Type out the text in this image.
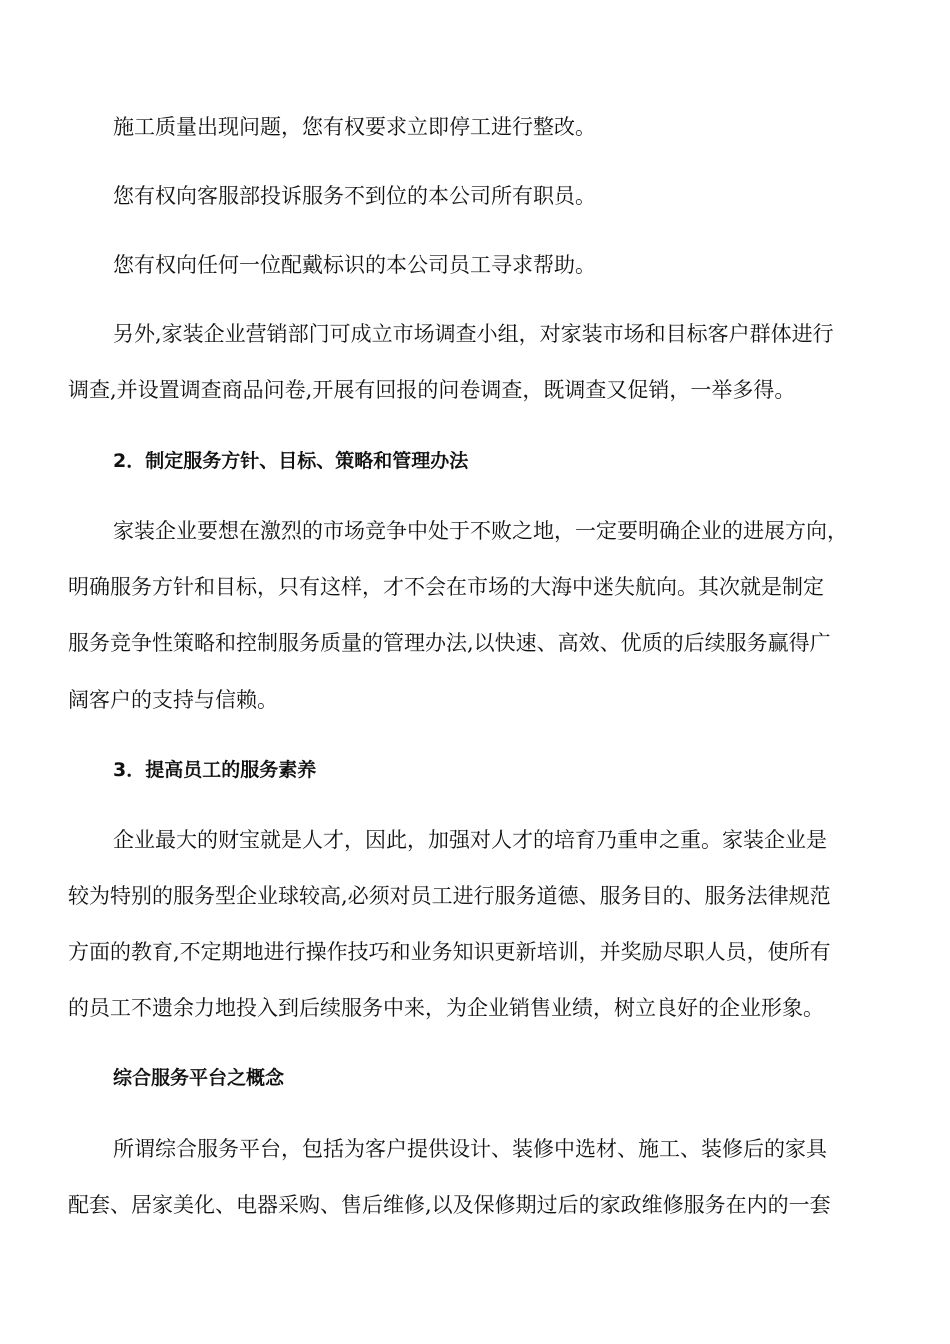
施工质量出现问题，您有权要求立即停工进行整改。

您有权向客服部投诉服务不到位的本公司所有职员。

您有权向任何一位配戴标识的本公司员工寻求帮助。

另外,家装企业营销部门可成立市场调查小组，对家装市场和目标客户群体进行

调查,并设置调查商品问卷,开展有回报的问卷调查，既调查又促销，一举多得。

2．制定服务方针、目标、策略和管理办法

家装企业要想在激烈的市场竞争中处于不败之地，一定要明确企业的进展方向，

明确服务方针和目标，只有这样，才不会在市场的大海中迷失航向。其次就是制定

服务竞争性策略和控制服务质量的管理办法,以快速、高效、优质的后续服务赢得广

阔客户的支持与信赖。

3．提高员工的服务素养

企业最大的财宝就是人才，因此，加强对人才的培育乃重申之重。家装企业是

较为特别的服务型企业球较高,必须对员工进行服务道德、服务目的、服务法律规范

方面的教育,不定期地进行操作技巧和业务知识更新培训，并奖励尽职人员，使所有

的员工不遗余力地投入到后续服务中来，为企业销售业绩，树立良好的企业形象。

综合服务平台之概念

所谓综合服务平台，包括为客户提供设计、装修中选材、施工、装修后的家具

配套、居家美化、电器采购、售后维修,以及保修期过后的家政维修服务在内的一套
